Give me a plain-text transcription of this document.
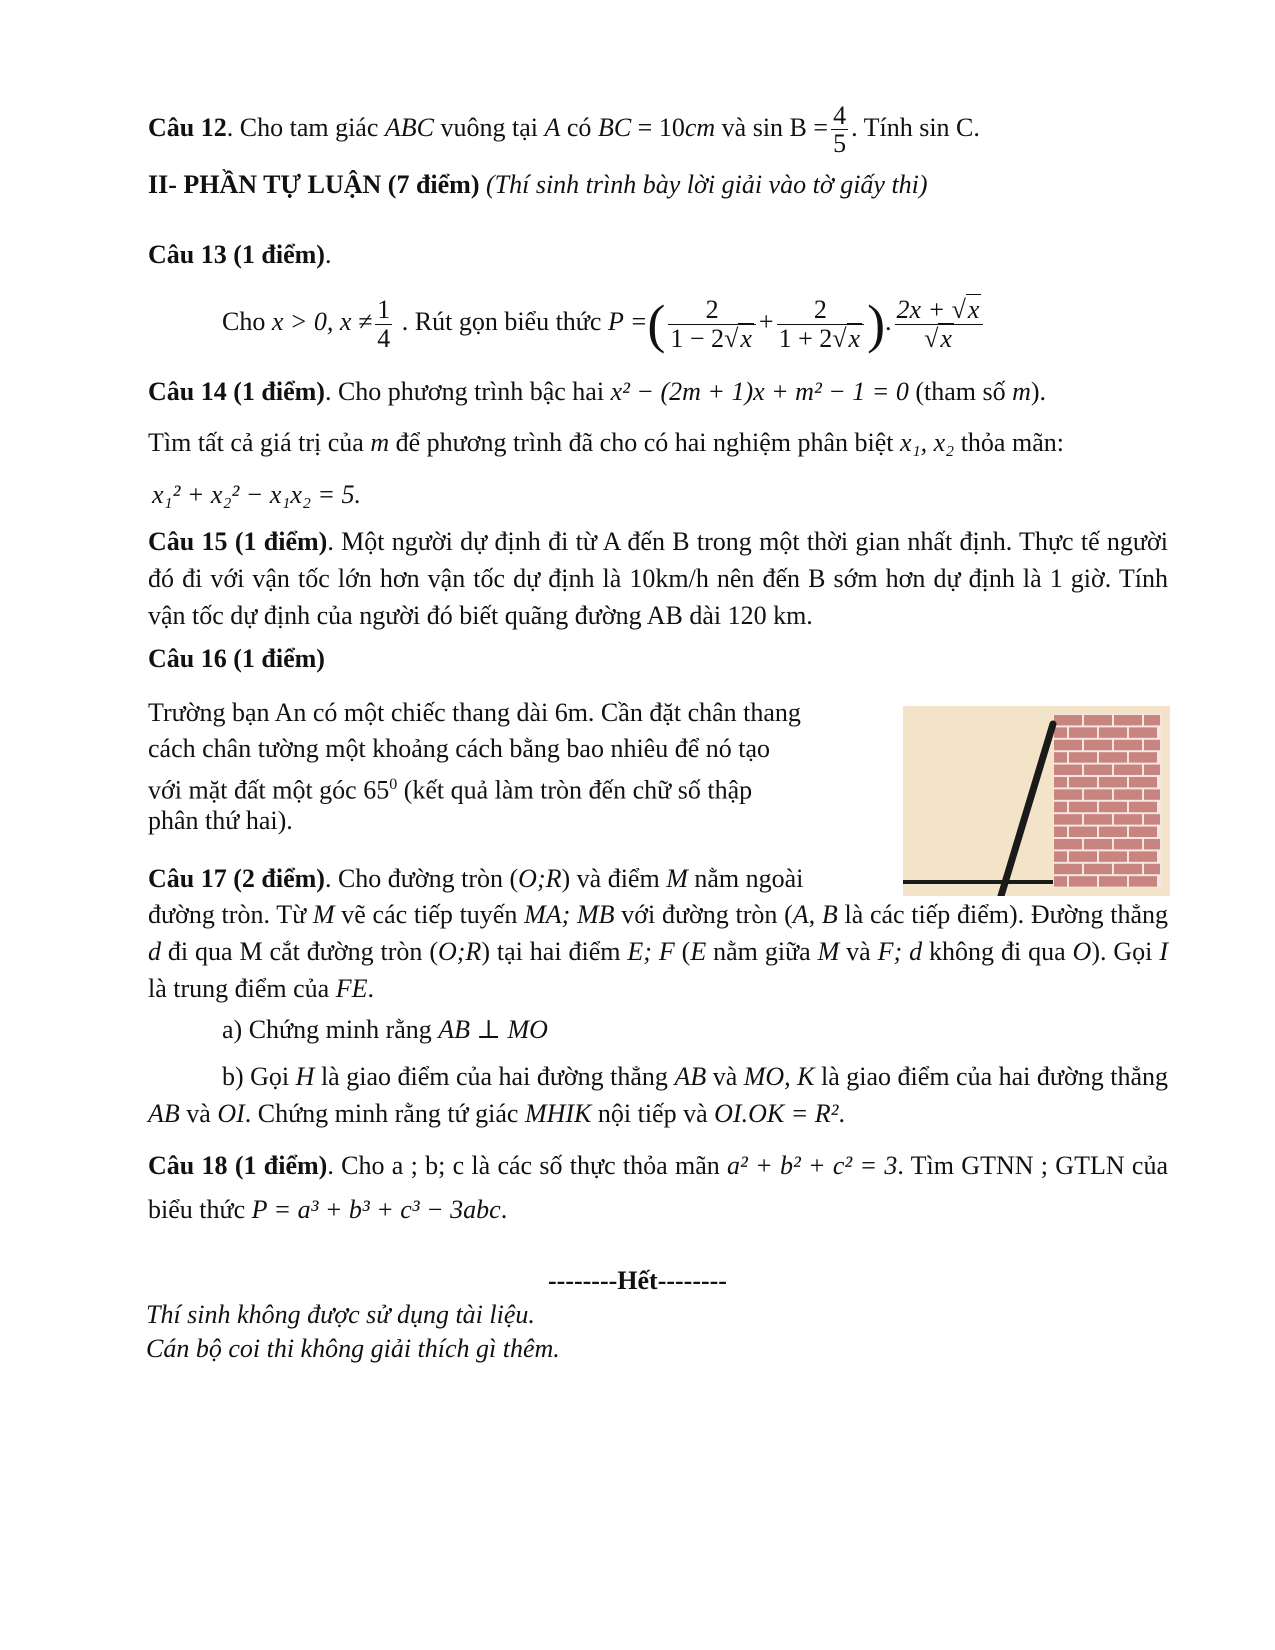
Câu 12. Cho tam giác ABC vuông tại A có BC = 10cm và $\sin B = \frac{4}{5}$ . Tính sin C.
II- PHẦN TỰ LUẬN (7 điểm) (Thí sinh trình bày lời giải vào tờ giấy thi)
Câu 13 (1 điểm).
Cho x > 0, $x \ne \frac{1}{4}$ . Rút gọn biểu thức P =( $\frac{2}{1 - 2√x} + \frac{2}{1 + 2√x}$ ). $\frac{2x + √x}{√x}$
Câu 14 (1 điểm). Cho phương trình bậc hai x² − (2m + 1)x + m² − 1 = 0 (tham số m).
Tìm tất cả giá trị của m để phương trình đã cho có hai nghiệm phân biệt x₁, x₂ thỏa mãn:
x₁² + x₂² − x₁x₂ = 5.

Câu 15 (1 điểm). Một người dự định đi từ A đến B trong một thời gian nhất định. Thực tế người đó đi với vận tốc lớn hơn vận tốc dự định là 10km/h nên đến B sớm hơn dự định là 1 giờ. Tính vận tốc dự định của người đó biết quãng đường AB dài 120 km.

Câu 16 (1 điểm)
Trường bạn An có một chiếc thang dài 6m. Cần đặt chân thang
cách chân tường một khoảng cách bằng bao nhiêu để nó tạo
với mặt đất một góc $65^0$ (kết quả làm tròn đến chữ số thập
phân thứ hai).
Câu 17 (2 điểm). Cho đường tròn (O;R) và điểm M nằm ngoài

đường tròn. Từ M vẽ các tiếp tuyến MA; MB với đường tròn (A, B là các tiếp điểm). Đường thẳng d đi qua M cắt đường tròn (O;R) tại hai điểm E; F (E nằm giữa M và F; d không đi qua O). Gọi I là trung điểm của FE.

a) Chứng minh rằng AB ⊥ MO

b) Gọi H là giao điểm của hai đường thẳng AB và MO, K là giao điểm của hai đường thẳng AB và OI. Chứng minh rằng tứ giác MHIK nội tiếp và OI.OK = R².

Câu 18 (1 điểm). Cho a ; b; c là các số thực thỏa mãn a² + b² + c² = 3. Tìm GTNN ; GTLN của biểu thức P = a³ + b³ + c³ − 3abc.

--------Hết--------
Thí sinh không được sử dụng tài liệu.
Cán bộ coi thi không giải thích gì thêm.
